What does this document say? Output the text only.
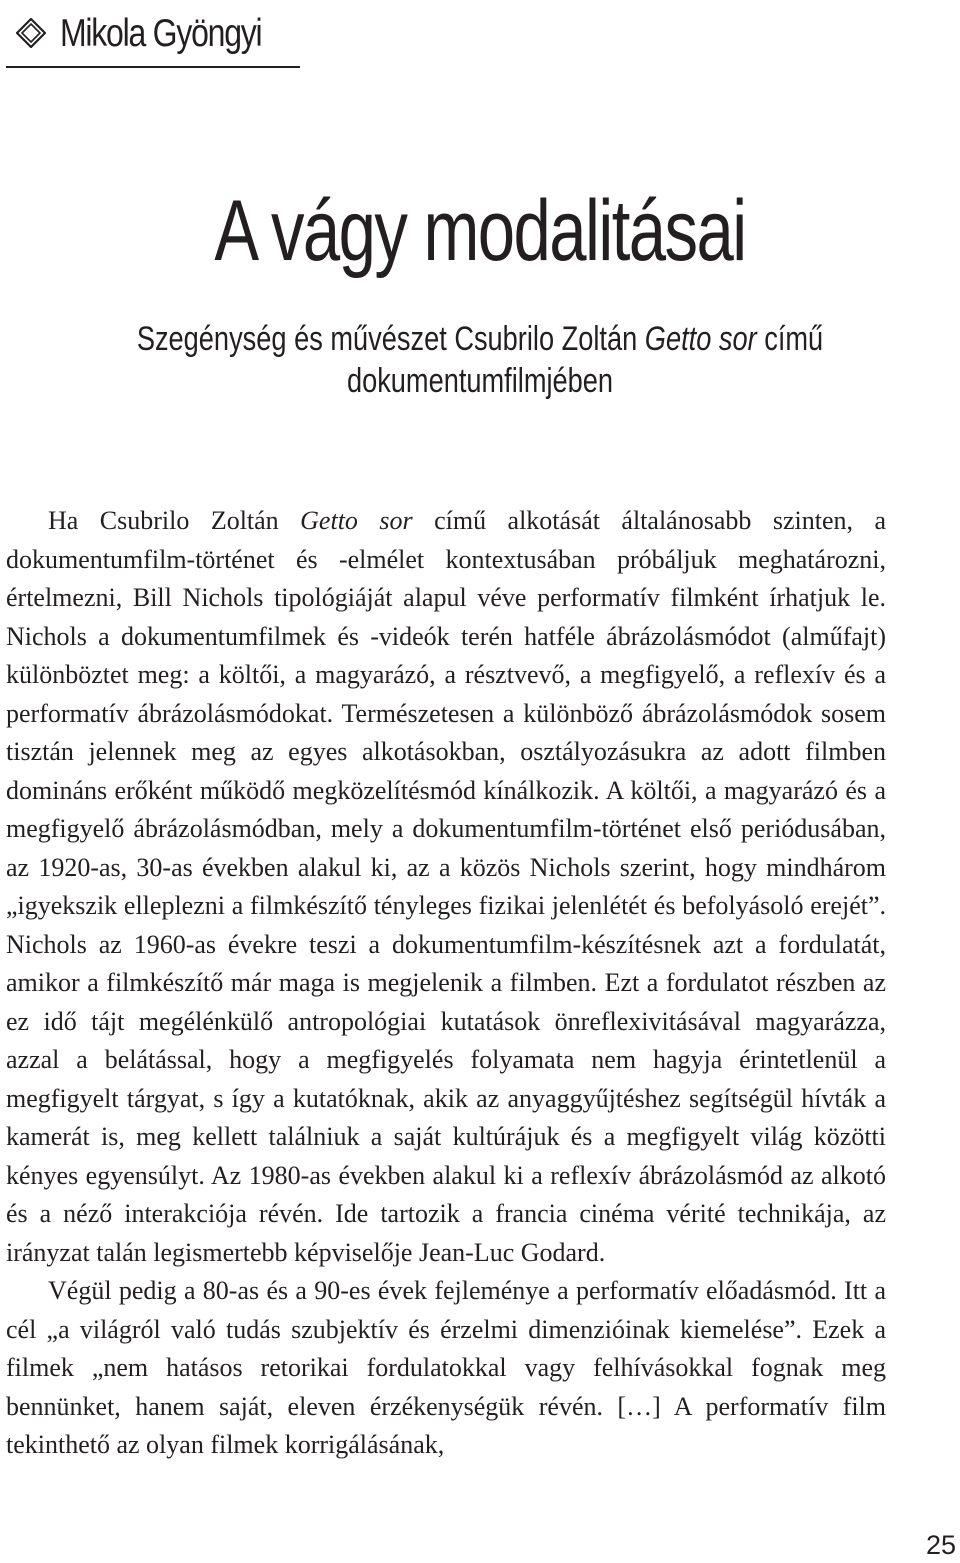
Mikola Gyöngyi
A vágy modalitásai
Szegénység és művészet Csubrilo Zoltán Getto sor című dokumentumfilmjében

Ha Csubrilo Zoltán Getto sor című alkotását általánosabb szinten, a dokumentumfilm-történet és -elmélet kontextusában próbáljuk meghatározni, értelmezni, Bill Nichols tipológiáját alapul véve performatív filmként írhatjuk le. Nichols a dokumentumfilmek és -videók terén hatféle ábrázolásmódot (alműfajt) különböztet meg: a költői, a magyarázó, a résztvevő, a megfigyelő, a reflexív és a performatív ábrázolásmódokat. Természetesen a különböző ábrázolásmódok sosem tisztán jelennek meg az egyes alkotásokban, osztályozásukra az adott filmben domináns erőként működő megközelítésmód kínálkozik. A költői, a magyarázó és a megfigyelő ábrázolásmódban, mely a dokumentumfilm-történet első periódusában, az 1920-as, 30-as években alakul ki, az a közös Nichols szerint, hogy mindhárom „igyekszik elleplezni a filmkészítő tényleges fizikai jelenlétét és befolyásoló erejét”. Nichols az 1960-as évekre teszi a dokumentumfilm-készítésnek azt a fordulatát, amikor a filmkészítő már maga is megjelenik a filmben. Ezt a fordulatot részben az ez idő tájt megélénkülő antropológiai kutatások önreflexivitásával magyarázza, azzal a belátással, hogy a megfigyelés folyamata nem hagyja érintetlenül a megfigyelt tárgyat, s így a kutatóknak, akik az anyaggyűjtéshez segítségül hívták a kamerát is, meg kellett találniuk a saját kultúrájuk és a megfigyelt világ közötti kényes egyensúlyt. Az 1980-as években alakul ki a reflexív ábrázolásmód az alkotó és a néző interakciója révén. Ide tartozik a francia cinéma vérité technikája, az irányzat talán legismertebb képviselője Jean-Luc Godard.

Végül pedig a 80-as és a 90-es évek fejleménye a performatív előadásmód. Itt a cél „a világról való tudás szubjektív és érzelmi dimenzióinak kiemelése”. Ezek a filmek „nem hatásos retorikai fordulatokkal vagy felhívásokkal fognak meg bennünket, hanem saját, eleven érzékenységük révén. […] A performatív film tekinthető az olyan filmek korrigálásának,

25
